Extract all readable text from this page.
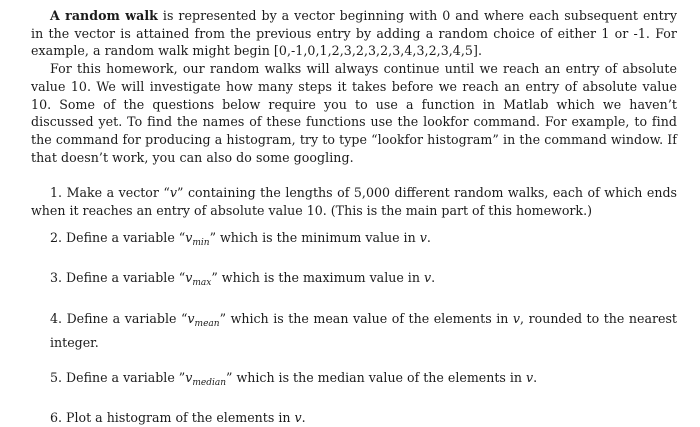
A random walk is represented by a vector beginning with 0 and where each subsequent entry in the vector is attained from the previous entry by adding a random choice of either 1 or -1. For example, a random walk might begin [0,-1,0,1,2,3,2,3,2,3,4,3,2,3,4,5].

For this homework, our random walks will always continue until we reach an entry of absolute value 10. We will investigate how many steps it takes before we reach an entry of absolute value 10. Some of the questions below require you to use a function in Matlab which we haven’t discussed yet. To find the names of these functions use the lookfor command. For example, to find the command for producing a histogram, try to type “lookfor histogram” in the command window. If that doesn’t work, you can also do some googling.

1. Make a vector “v” containing the lengths of 5,000 different random walks, each of which ends when it reaches an entry of absolute value 10. (This is the main part of this homework.)

2. Define a variable “$v_{min}$” which is the minimum value in v.

3. Define a variable “$v_{max}$” which is the maximum value in v.

4. Define a variable “$v_{mean}$” which is the mean value of the elements in v, rounded to the nearest integer.

5. Define a variable $”v_{median}$” which is the median value of the elements in v.

6. Plot a histogram of the elements in v.
